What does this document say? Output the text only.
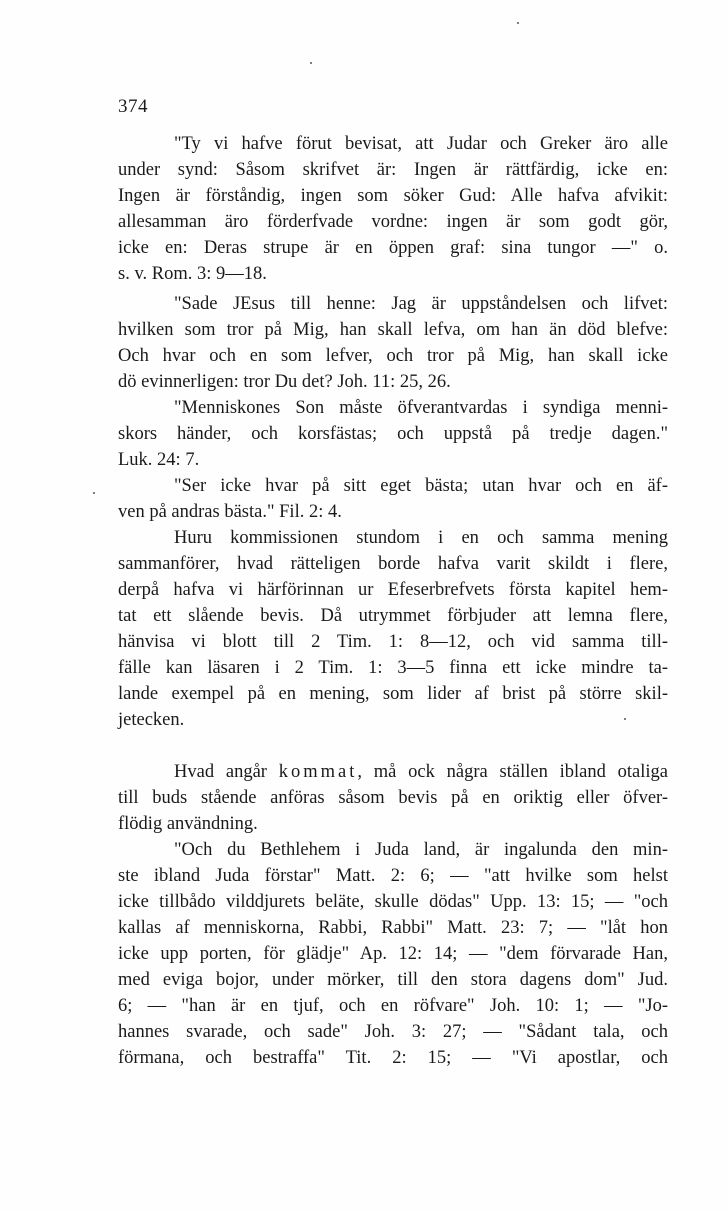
374
"Ty vi hafve förut bevisat, att Judar och Greker äro alle
under synd: Såsom skrifvet är: Ingen är rättfärdig, icke en:
Ingen är förståndig, ingen som söker Gud: Alle hafva afvikit:
allesamman äro förderfvade vordne: ingen är som godt gör,
icke en: Deras strupe är en öppen graf: sina tungor —" o.
s. v. Rom. 3: 9—18.
"Sade JEsus till henne: Jag är uppståndelsen och lifvet:
hvilken som tror på Mig, han skall lefva, om han än död blefve:
Och hvar och en som lefver, och tror på Mig, han skall icke
dö evinnerligen: tror Du det? Joh. 11: 25, 26.
"Menniskones Son måste öfverantvardas i syndiga menni-
skors händer, och korsfästas; och uppstå på tredje dagen."
Luk. 24: 7.
"Ser icke hvar på sitt eget bästa; utan hvar och en äf-
ven på andras bästa." Fil. 2: 4.
Huru kommissionen stundom i en och samma mening
sammanförer, hvad rätteligen borde hafva varit skildt i flere,
derpå hafva vi härförinnan ur Efeserbrefvets första kapitel hem-
tat ett slående bevis. Då utrymmet förbjuder att lemna flere,
hänvisa vi blott till 2 Tim. 1: 8—12, och vid samma till-
fälle kan läsaren i 2 Tim. 1: 3—5 finna ett icke mindre ta-
lande exempel på en mening, som lider af brist på större skil-
jetecken.
Hvad angår kommat, må ock några ställen ibland otaliga
till buds stående anföras såsom bevis på en oriktig eller öfver-
flödig användning.
"Och du Bethlehem i Juda land, är ingalunda den min-
ste ibland Juda förstar" Matt. 2: 6; — "att hvilke som helst
icke tillbådo vilddjurets beläte, skulle dödas" Upp. 13: 15; — "och
kallas af menniskorna, Rabbi, Rabbi" Matt. 23: 7; — "låt hon
icke upp porten, för glädje" Ap. 12: 14; — "dem förvarade Han,
med eviga bojor, under mörker, till den stora dagens dom" Jud.
6; — "han är en tjuf, och en röfvare" Joh. 10: 1; — "Jo-
hannes svarade, och sade" Joh. 3: 27; — "Sådant tala, och
förmana, och bestraffa" Tit. 2: 15; — "Vi apostlar, och
